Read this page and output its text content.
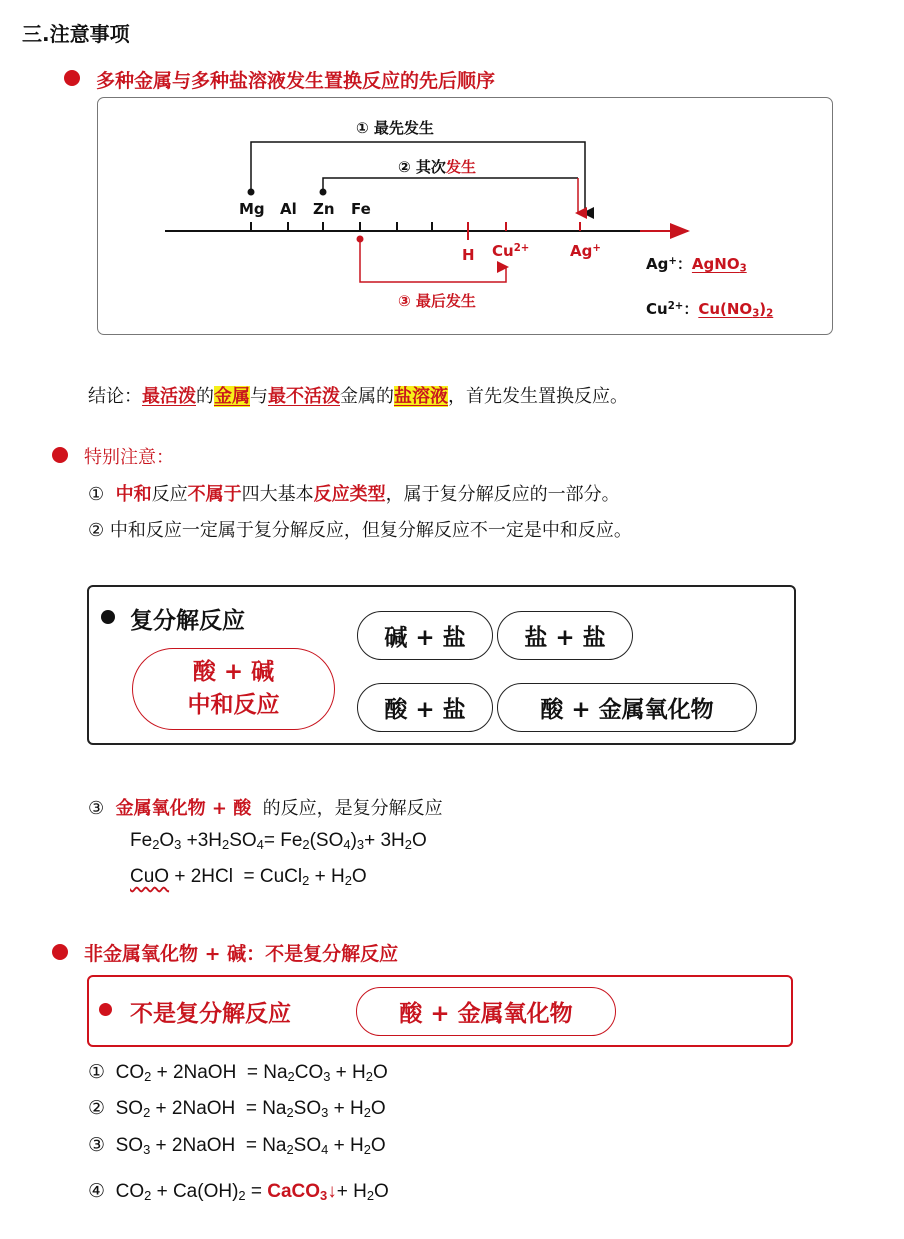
三.注意事项
多种金属与多种盐溶液发生置换反应的先后顺序
① 最先发生
② 其次发生
③ 最后发生
Mg Al Zn Fe
H $Cu^{2+}$	Ag+
Ag+：AgNO$_3$
$Cu^{2+}$：$Cu(NO_3)_2$
结论：最活泼的金属与最不活泼金属的盐溶液，首先发生置换反应。
特别注意：
① 中和反应不属于四大基本反应类型，属于复分解反应的一部分。
② 中和反应一定属于复分解反应，但复分解反应不一定是中和反应。
复分解反应
酸 + 碱
中和反应
碱 + 盐	盐 + 盐
酸 + 盐	酸 + 金属氧化物
③ 金属氧化物 + 酸 的反应，是复分解反应
$Fe_2O_3 +3H_2SO_4= Fe_2(SO_4)_3+ 3H_2O$
CuO + 2HCl  = CuCl$_2$ + $H_2O$
非金属氧化物 + 碱：不是复分解反应
不是复分解反应	酸 + 金属氧化物
① $CO_2$ + 2NaOH  = $Na_2CO_3 + H_2O$
② $SO_2$ + 2NaOH  = $Na_2SO_3 + H_2O$
③ $SO_3$ + 2NaOH  = $Na_2SO_4 + H_2O$
④ $CO_2 + Ca(OH)_2$ = CaCO$_3$↓+ $H_2O$
